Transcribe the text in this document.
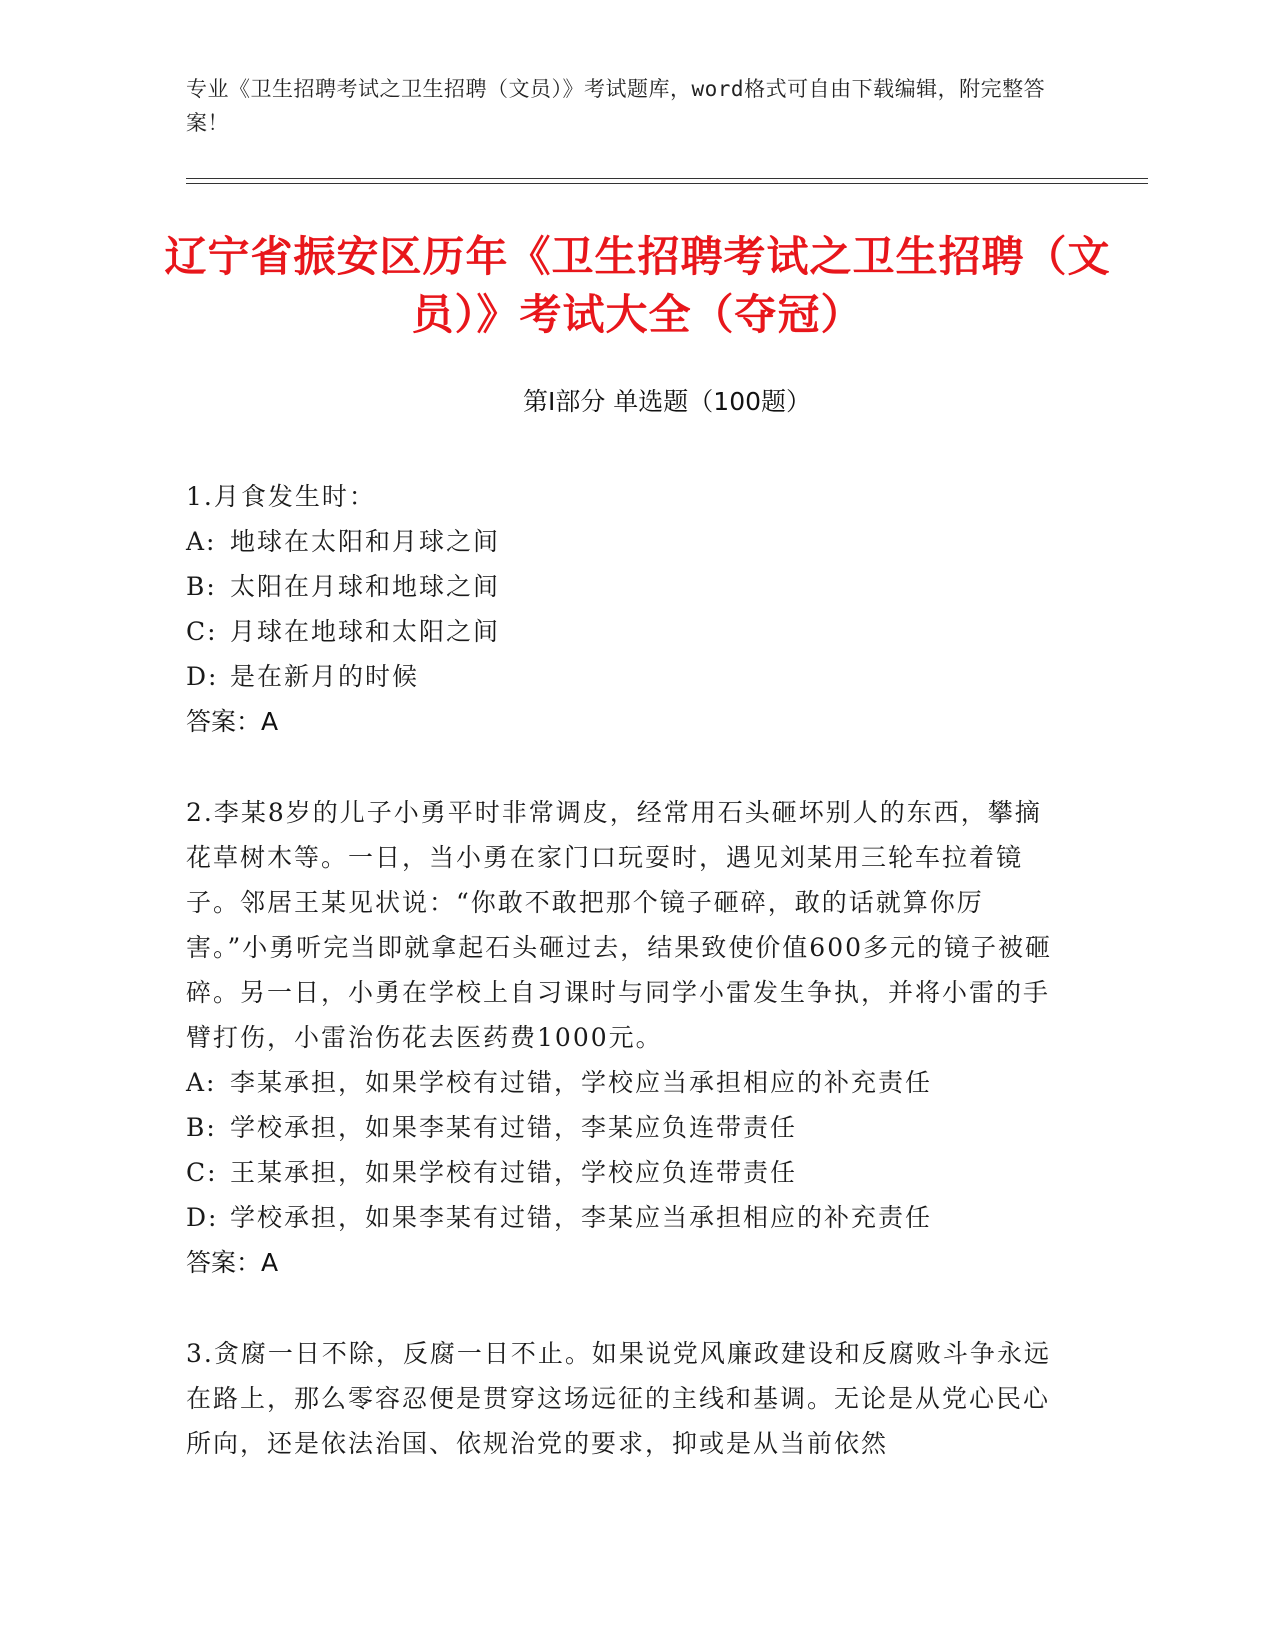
专业《卫生招聘考试之卫生招聘（文员）》考试题库，word格式可自由下载编辑，附完整答案！
辽宁省振安区历年《卫生招聘考试之卫生招聘（文员）》考试大全（夺冠）
第Ⅰ部分 单选题（100题）

1.月食发生时：

A: 地球在太阳和月球之间

B: 太阳在月球和地球之间

C: 月球在地球和太阳之间

D: 是在新月的时候

答案：A

2.李某8岁的儿子小勇平时非常调皮，经常用石头砸坏别人的东西，攀摘花草树木等。一日，当小勇在家门口玩耍时，遇见刘某用三轮车拉着镜子。邻居王某见状说：“你敢不敢把那个镜子砸碎，敢的话就算你厉害。”小勇听完当即就拿起石头砸过去，结果致使价值600多元的镜子被砸碎。另一日，小勇在学校上自习课时与同学小雷发生争执，并将小雷的手臂打伤，小雷治伤花去医药费1000元。

A: 李某承担，如果学校有过错，学校应当承担相应的补充责任

B: 学校承担，如果李某有过错，李某应负连带责任

C: 王某承担，如果学校有过错，学校应负连带责任

D: 学校承担，如果李某有过错，李某应当承担相应的补充责任

答案：A

3.贪腐一日不除，反腐一日不止。如果说党风廉政建设和反腐败斗争永远在路上，那么零容忍便是贯穿这场远征的主线和基调。无论是从党心民心所向，还是依法治国、依规治党的要求，抑或是从当前依然
